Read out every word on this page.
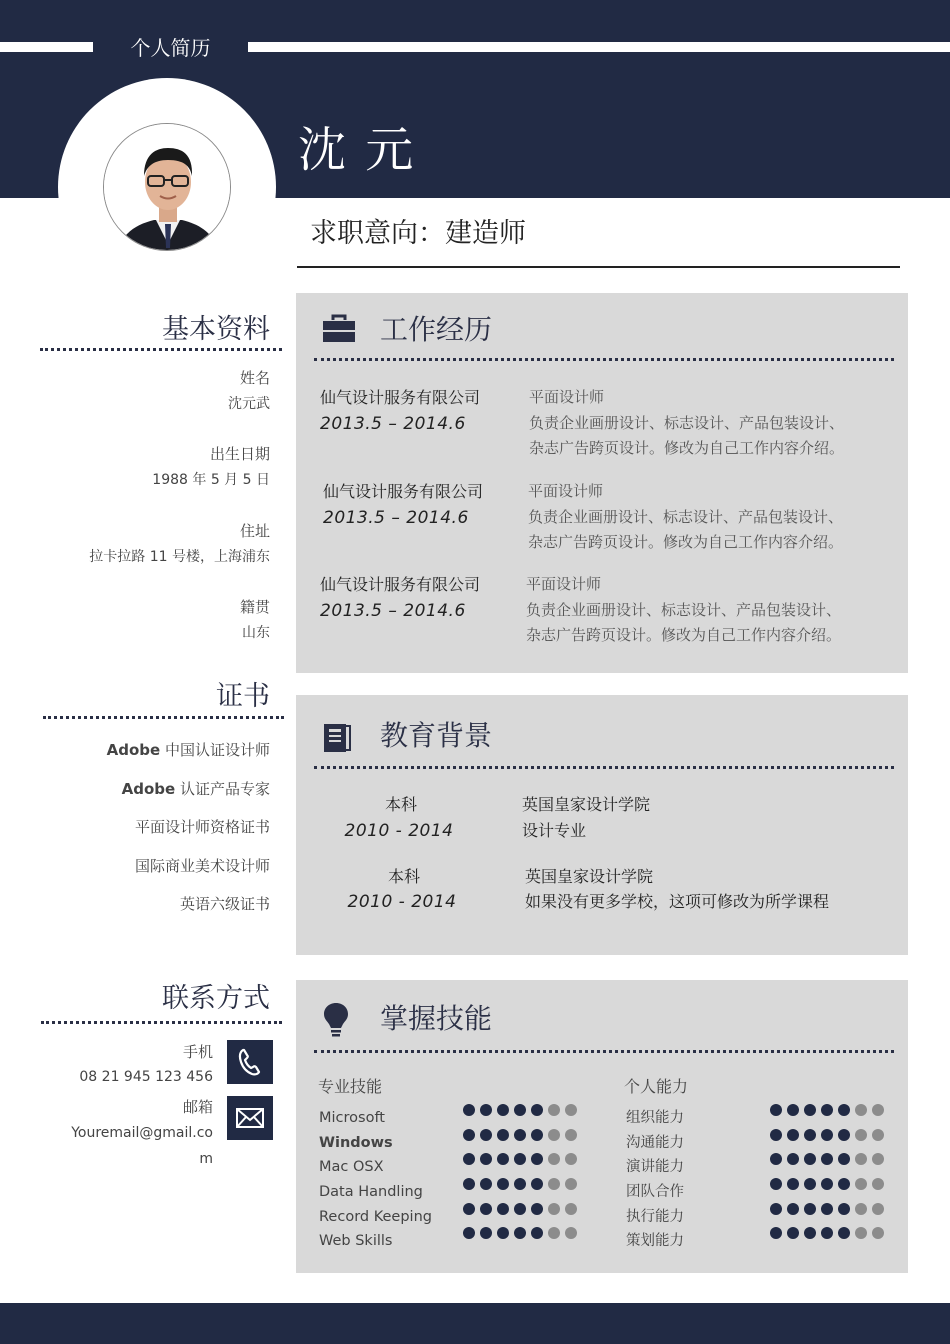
个人简历
沈 元
求职意向：建造师
基本资料
姓名
沈元武
出生日期
1988 年 5 月 5 日
住址
拉卡拉路 11 号楼，上海浦东
籍贯
山东
证书
Adobe 中国认证设计师
Adobe 认证产品专家
平面设计师资格证书
国际商业美术设计师
英语六级证书
联系方式
手机
08 21 945 123 456
邮箱
Youremail@gmail.co
m
工作经历
仙气设计服务有限公司
2013.5 – 2014.6
平面设计师
负责企业画册设计、标志设计、产品包装设计、
杂志广告跨页设计。修改为自己工作内容介绍。
仙气设计服务有限公司
2013.5 – 2014.6
平面设计师
负责企业画册设计、标志设计、产品包装设计、
杂志广告跨页设计。修改为自己工作内容介绍。
仙气设计服务有限公司
2013.5 – 2014.6
平面设计师
负责企业画册设计、标志设计、产品包装设计、
杂志广告跨页设计。修改为自己工作内容介绍。
教育背景
本科
2010 - 2014
英国皇家设计学院
设计专业
本科
2010 - 2014
英国皇家设计学院
如果没有更多学校，这项可修改为所学课程
掌握技能
专业技能	个人能力
Microsoft
Windows
Mac OSX
Data Handling
Record Keeping
Web Skills
组织能力
沟通能力
演讲能力
团队合作
执行能力
策划能力
